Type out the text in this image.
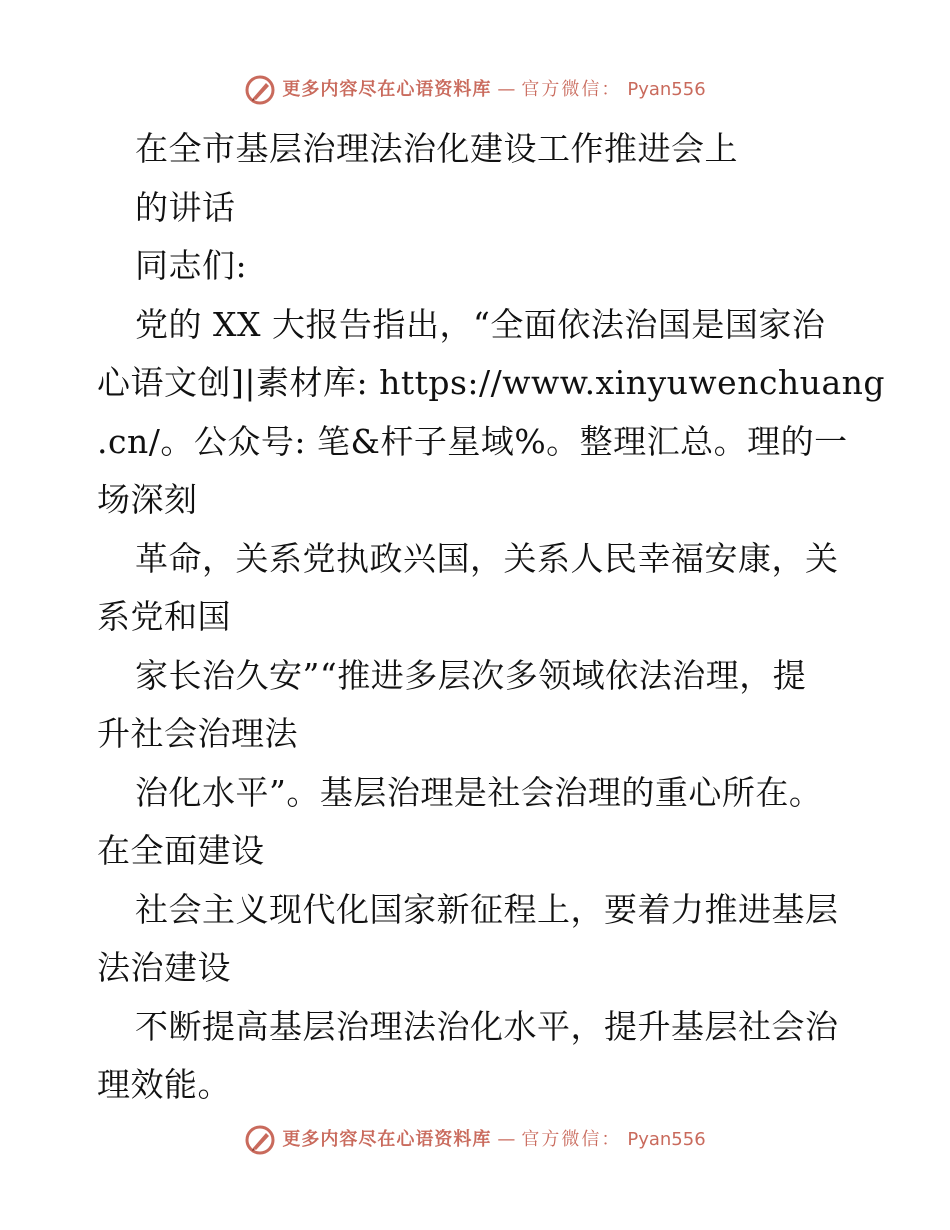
更多内容尽在心语资料库 — 官方微信： Pyan556
在全市基层治理法治化建设工作推进会上
的讲话
同志们:
党的 XX 大报告指出，“全面依法治国是国家治
心语文创]|素材库: https://www.xinyuwenchuang
.cn/。公众号: 笔&杆子星域%。整理汇总。理的一
场深刻
革命，关系党执政兴国，关系人民幸福安康，关
系党和国
家长治久安”“推进多层次多领域依法治理，提
升社会治理法
治化水平”。基层治理是社会治理的重心所在。
在全面建设
社会主义现代化国家新征程上，要着力推进基层
法治建设
不断提高基层治理法治化水平，提升基层社会治
理效能。
更多内容尽在心语资料库 — 官方微信： Pyan556
